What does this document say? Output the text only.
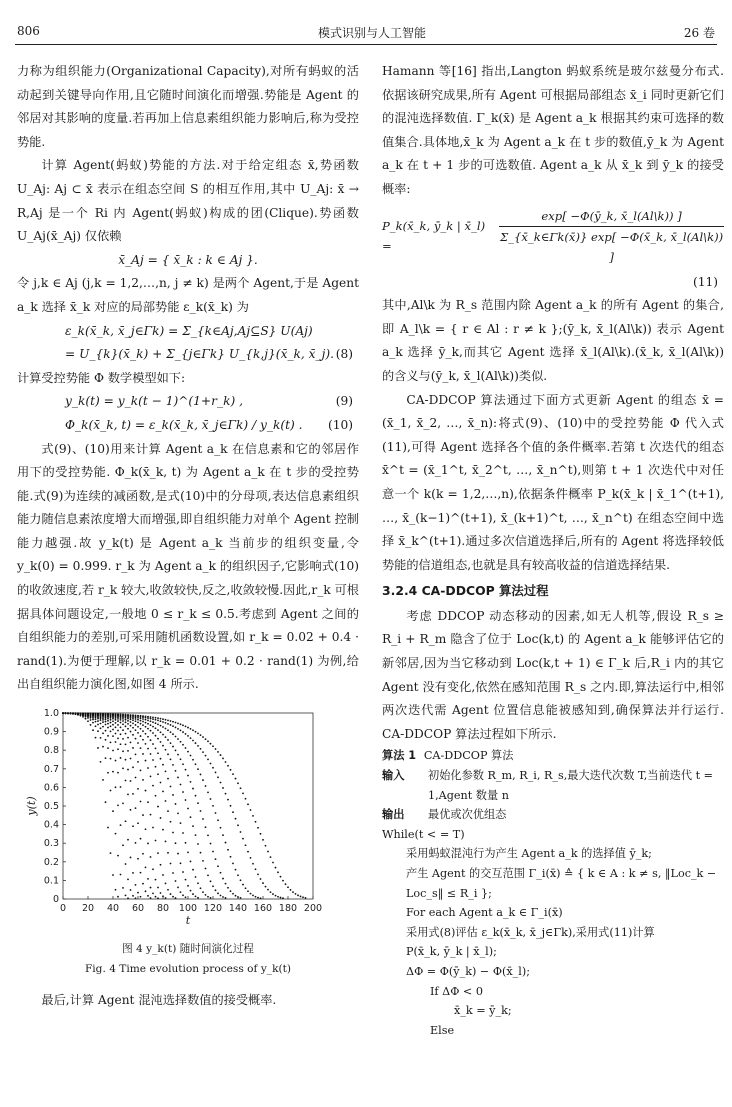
806	模式识别与人工智能	26 卷

力称为组织能力(Organizational Capacity),对所有蚂蚁的活动起到关键导向作用,且它随时间演化而增强.势能是 Agent 的邻居对其影响的度量.若再加上信息素组织能力影响后,称为受控势能.

计算 Agent(蚂蚁)势能的方法.对于给定组态 x̄,势函数 U_Aj: Aj ⊂ x̄ 表示在组态空间 S 的相互作用,其中 U_Aj: x̄ → R,Aj 是一个 Ri 内 Agent(蚂蚁)构成的团(Clique).势函数 U_Aj(x̄_Aj) 仅依赖

x̄_Aj = { x̄_k : k ∈ Aj }.

令 j,k ∈ Aj (j,k = 1,2,…,n, j ≠ k) 是两个 Agent,于是 Agent a_k 选择 x̄_k 对应的局部势能 ε_k(x̄_k) 为

ε_k(x̄_k, x̄_j∈Γk) = Σ_{k∈Aj,Aj⊆S} U(Aj)
= U_{k}(x̄_k) + Σ_{j∈Γk} U_{k,j}(x̄_k, x̄_j). (8)

计算受控势能 Φ 数学模型如下:

y_k(t) = y_k(t − 1)^(1+r_k) ,	(9)
Φ_k(x̄_k, t) = ε_k(x̄_k, x̄_j∈Γk) / y_k(t) . (10)

式(9)、(10)用来计算 Agent a_k 在信息素和它的邻居作用下的受控势能. Φ_k(x̄_k, t) 为 Agent a_k 在 t 步的受控势能.式(9)为连续的减函数,是式(10)中的分母项,表达信息素组织能力随信息素浓度增大而增强,即自组织能力对单个 Agent 控制能力越强.故 y_k(t) 是 Agent a_k 当前步的组织变量,令 y_k(0) = 0.999. r_k 为 Agent a_k 的组织因子,它影响式(10)的收敛速度,若 r_k 较大,收敛较快,反之,收敛较慢.因此,r_k 可根据具体问题设定,一般地 0 ≤ r_k ≤ 0.5.考虑到 Agent 之间的自组织能力的差别,可采用随机函数设置,如 r_k = 0.02 + 0.4 · rand(1).为便于理解,以 r_k = 0.01 + 0.2 · rand(1) 为例,给出自组织能力演化图,如图 4 所示.

0 20 40 60 80 100 120 140 160 180 200
0
0.1
0.2
0.3
0.4
0.5
0.6
0.7
0.8
0.9
1.0
t
y(t)
图 4 y_k(t) 随时间演化过程
Fig. 4 Time evolution process of y_k(t)

最后,计算 Agent 混沌选择数值的接受概率.

Hamann 等[16] 指出,Langton 蚂蚁系统是玻尔兹曼分布式.依据该研究成果,所有 Agent 可根据局部组态 x̄_i 同时更新它们的混沌选择数值. Γ_k(x̄) 是 Agent a_k 根据其约束可选择的数值集合.具体地,x̄_k 为 Agent a_k 在 t 步的数值,ȳ_k 为 Agent a_k 在 t + 1 步的可选数值. Agent a_k 从 x̄_k 到 ȳ_k 的接受概率:

P_k(x̄_k, ȳ_k | x̄_l) =	$\frac{\exp[ -\Phi(ȳ\_k, x̄\_l(Al\backslash k)) ]}{\Sigma\_\{x̄\_k\in\Gamma k(x̄)\} \exp[ -\Phi(x̄\_k, x̄\_l(Al\backslash k)) ]}$
(11)

其中,Al\k 为 R_s 范围内除 Agent a_k 的所有 Agent 的集合,即 A_l\k = { r ∈ Al : r ≠ k };(ȳ_k, x̄_l(Al\k)) 表示 Agent a_k 选择 ȳ_k,而其它 Agent 选择 x̄_l(Al\k).(x̄_k, x̄_l(Al\k)) 的含义与(ȳ_k, x̄_l(Al\k))类似.

CA-DDCOP 算法通过下面方式更新 Agent 的组态 x̄ = (x̄_1, x̄_2, …, x̄_n):将式(9)、(10)中的受控势能 Φ 代入式(11),可得 Agent 选择各个值的条件概率.若第 t 次迭代的组态 x̄^t = (x̄_1^t, x̄_2^t, …, x̄_n^t),则第 t + 1 次迭代中对任意一个 k(k = 1,2,…,n),依据条件概率 P_k(x̄_k | x̄_1^(t+1), …, x̄_(k−1)^(t+1), x̄_(k+1)^t, …, x̄_n^t) 在组态空间中选择 x̄_k^(t+1).通过多次信道选择后,所有的 Agent 将选择较低势能的信道组态,也就是具有较高收益的信道选择结果.

3.2.4 CA-DDCOP 算法过程

考虑 DDCOP 动态移动的因素,如无人机等,假设 R_s ≥ R_i + R_m 隐含了位于 Loc(k,t) 的 Agent a_k 能够评估它的新邻居,因为当它移动到 Loc(k,t + 1) ∈ Γ_k 后,R_i 内的其它 Agent 没有变化,依然在感知范围 R_s 之内.即,算法运行中,相邻两次迭代需 Agent 位置信息能被感知到,确保算法并行运行. CA-DDCOP 算法过程如下所示.

算法 1 CA-DDCOP 算法
输入	初始化参数 R_m, R_i, R_s,最大迭代次数 T,当前迭代 t = 1,Agent 数量 n
输出	最优或次优组态
While(t < = T)
采用蚂蚁混沌行为产生 Agent a_k 的选择值 ȳ_k;
产生 Agent 的交互范围 Γ_i(x̄) ≙ { k ∈ A : k ≠ s, ‖Loc_k − Loc_s‖ ≤ R_i };
For each Agent a_k ∈ Γ_i(x̄)
采用式(8)评估 ε_k(x̄_k, x̄_j∈Γk),采用式(11)计算
P(x̄_k, ȳ_k | x̄_l);
ΔΦ = Φ(ȳ_k) − Φ(x̄_l);
If ΔΦ < 0
x̄_k = ȳ_k;
Else
